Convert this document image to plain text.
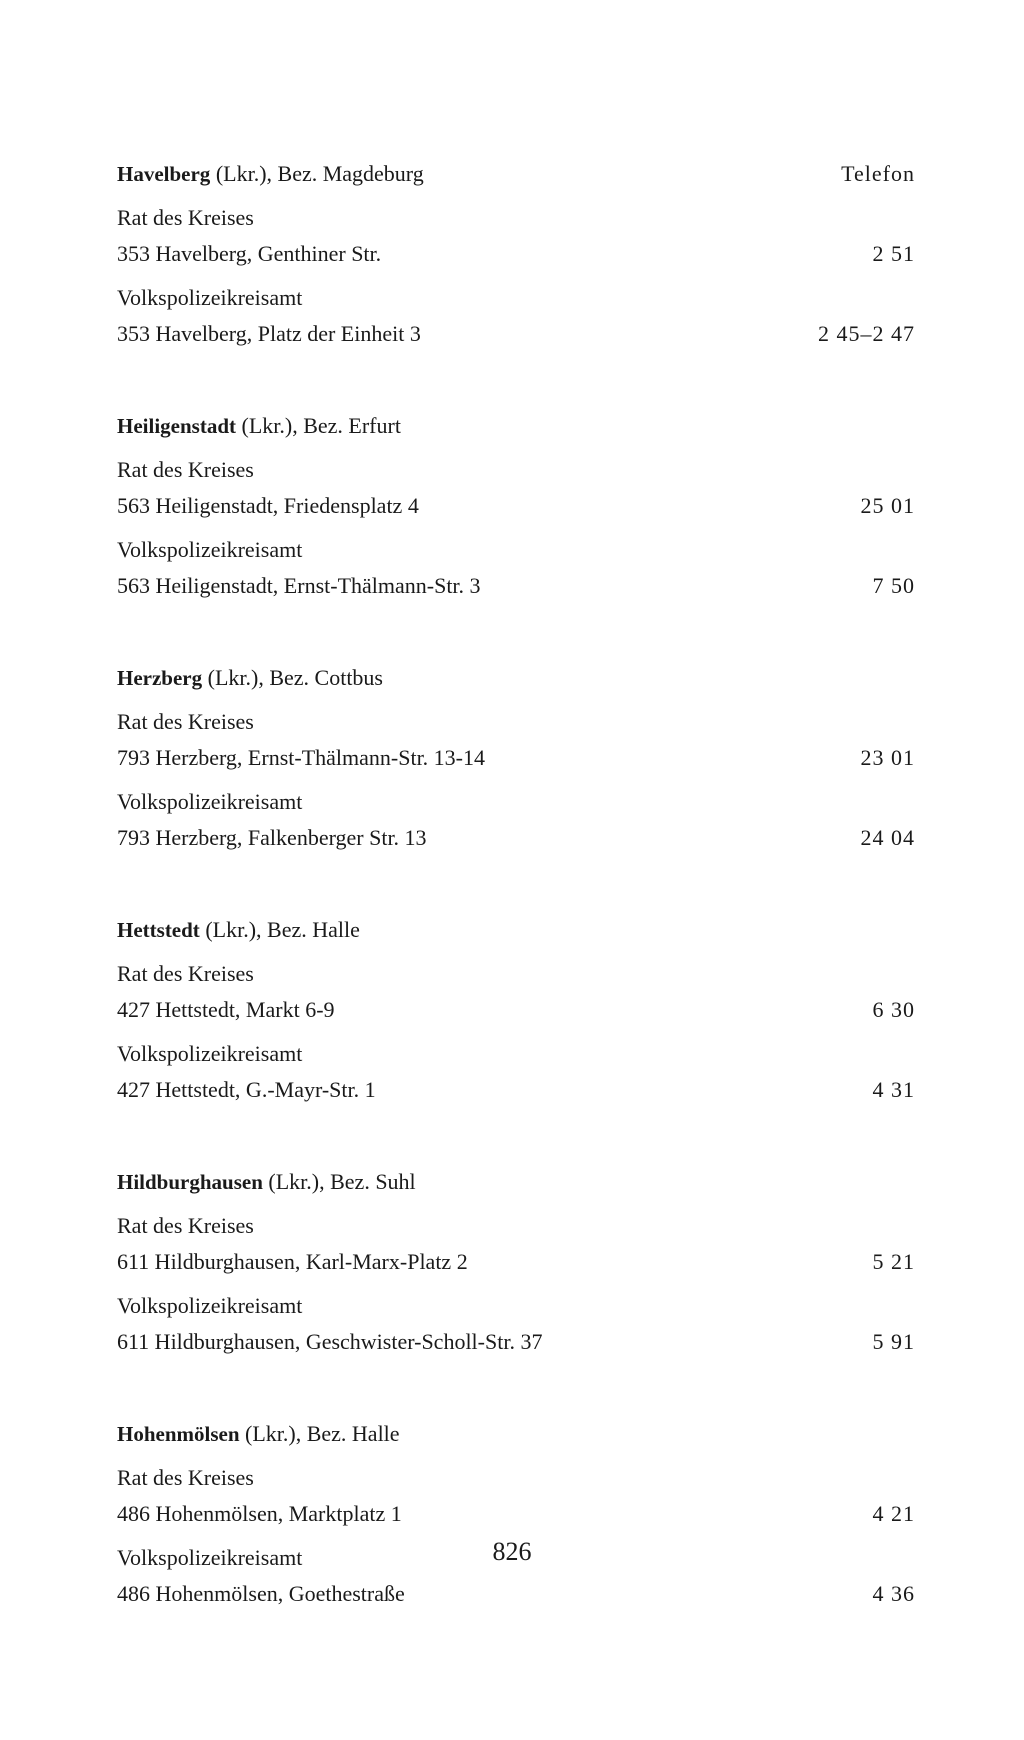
Havelberg (Lkr.), Bez. Magdeburg	Telefon
Rat des Kreises
353 Havelberg, Genthiner Str.	2 51
Volkspolizeikreisamt
353 Havelberg, Platz der Einheit 3	2 45–2 47
Heiligenstadt (Lkr.), Bez. Erfurt
Rat des Kreises
563 Heiligenstadt, Friedensplatz 4	25 01
Volkspolizeikreisamt
563 Heiligenstadt, Ernst-Thälmann-Str. 3	7 50
Herzberg (Lkr.), Bez. Cottbus
Rat des Kreises
793 Herzberg, Ernst-Thälmann-Str. 13-14	23 01
Volkspolizeikreisamt
793 Herzberg, Falkenberger Str. 13	24 04
Hettstedt (Lkr.), Bez. Halle
Rat des Kreises
427 Hettstedt, Markt 6-9	6 30
Volkspolizeikreisamt
427 Hettstedt, G.-Mayr-Str. 1	4 31
Hildburghausen (Lkr.), Bez. Suhl
Rat des Kreises
611 Hildburghausen, Karl-Marx-Platz 2	5 21
Volkspolizeikreisamt
611 Hildburghausen, Geschwister-Scholl-Str. 37	5 91
Hohenmölsen (Lkr.), Bez. Halle
Rat des Kreises
486 Hohenmölsen, Marktplatz 1	4 21
Volkspolizeikreisamt
486 Hohenmölsen, Goethestraße	4 36
826
